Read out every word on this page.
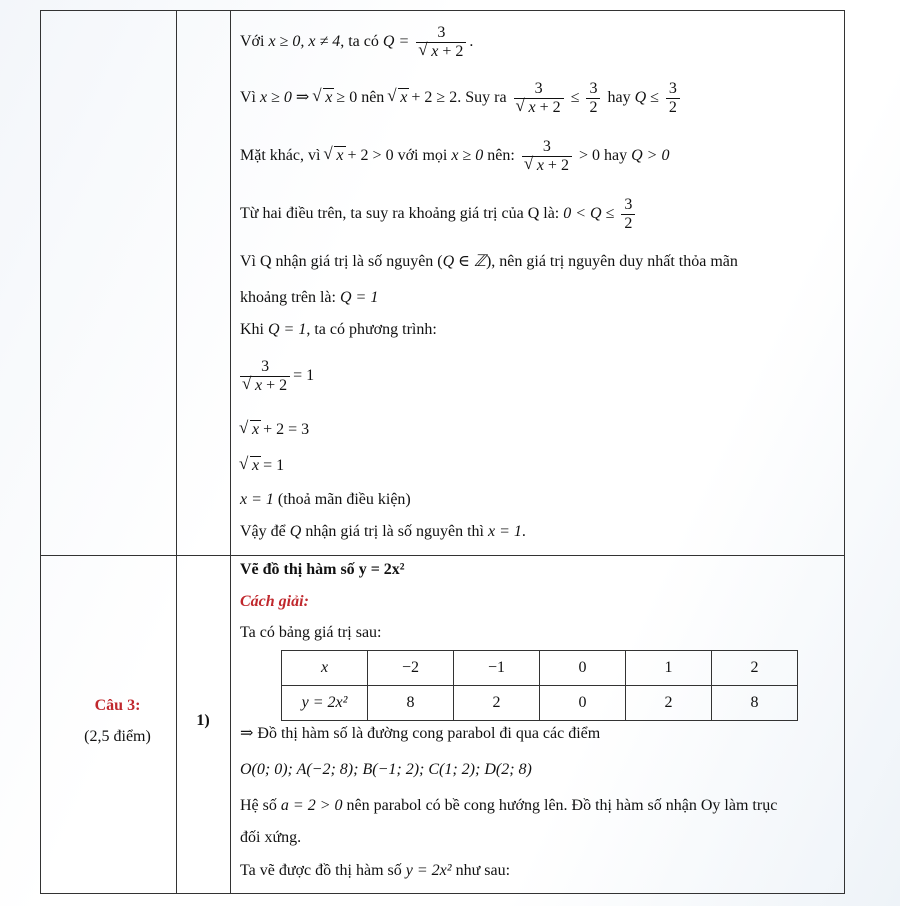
Với x ≥ 0, x ≠ 4, ta có Q = 3
√ x + 2 .
Vì x ≥ 0 ⇒ √ x ≥ 0 nên √ x + 2 ≥ 2. Suy ra 3
√ $x + 2 \le \frac{3}{2}$ hay $Q \le \frac{3}{2}$
Mặt khác, vì √ x + 2 > 0 với mọi x ≥ 0 nên: 3
√ x + 2 > 0 hay Q > 0
Từ hai điều trên, ta suy ra khoảng giá trị của Q là: $0 < Q \le \frac{3}{2}$
Vì Q nhận giá trị là số nguyên (Q ∈ ℤ), nên giá trị nguyên duy nhất thỏa mãn
khoảng trên là: Q = 1
Khi Q = 1, ta có phương trình:
3
√ x + 2 = 1
√ x + 2 = 3
√ x = 1
x = 1 (thoả mãn điều kiện)
Vậy để Q nhận giá trị là số nguyên thì x = 1.
Câu 3:
(2,5 điểm)
1)
Vẽ đồ thị hàm số y = 2x²
Cách giải:
Ta có bảng giá trị sau:
x	−2	−1	0	1	2
y = 2x²	8	2	0	2	8
⇒ Đồ thị hàm số là đường cong parabol đi qua các điểm
O(0; 0); A(−2; 8); B(−1; 2); C(1; 2); D(2; 8)
Hệ số a = 2 > 0 nên parabol có bề cong hướng lên. Đồ thị hàm số nhận Oy làm trục
đối xứng.
Ta vẽ được đồ thị hàm số y = 2x² như sau:
